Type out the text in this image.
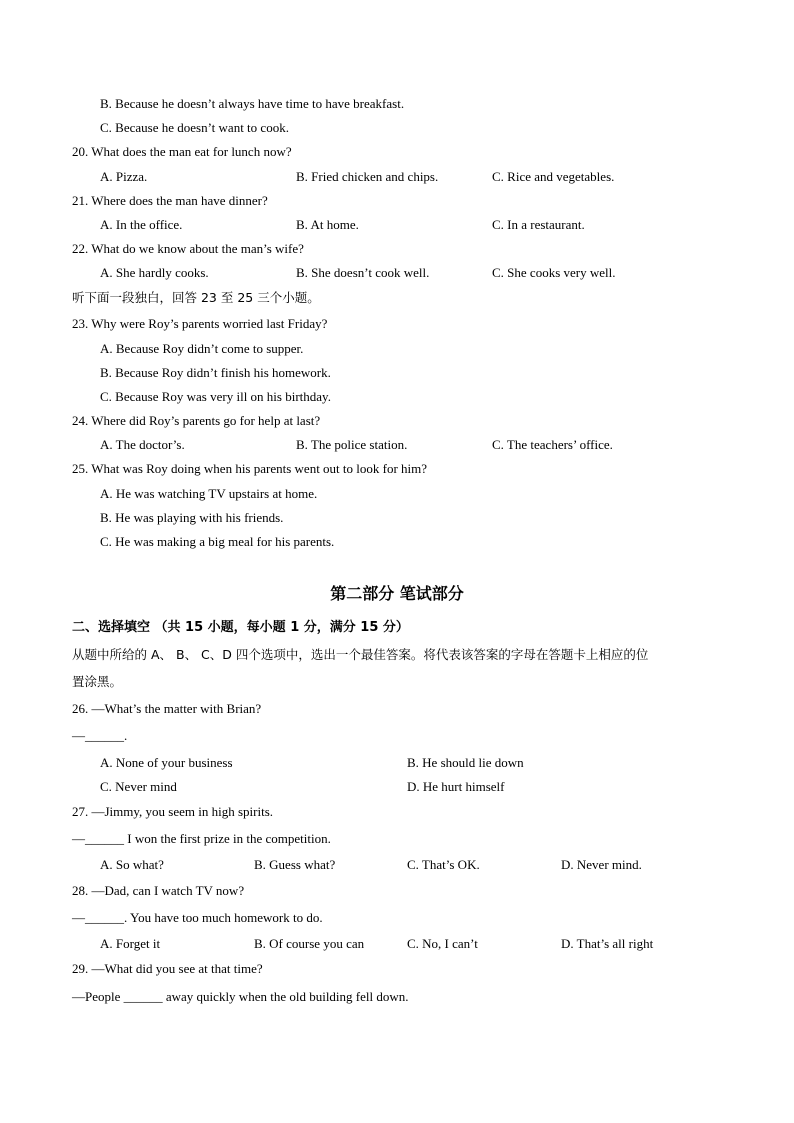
B. Because he doesn’t always have time to have breakfast.
C. Because he doesn’t want to cook.
20. What does the man eat for lunch now?
A. Pizza.	B. Fried chicken and chips.	C. Rice and vegetables.
21. Where does the man have dinner?
A. In the office.	B. At home.	C. In a restaurant.
22. What do we know about the man’s wife?
A. She hardly cooks.	B. She doesn’t cook well.	C. She cooks very well.
听下面一段独白，回答 23 至 25 三个小题。
23. Why were Roy’s parents worried last Friday?
A. Because Roy didn’t come to supper.
B. Because Roy didn’t finish his homework.
C. Because Roy was very ill on his birthday.
24. Where did Roy’s parents go for help at last?
A. The doctor’s.	B. The police station.	C. The teachers’ office.
25. What was Roy doing when his parents went out to look for him?
A. He was watching TV upstairs at home.
B. He was playing with his friends.
C. He was making a big meal for his parents.
第二部分 笔试部分
二、选择填空 （共 15 小题，每小题 1 分，满分 15 分）
从题中所给的 A、 B、 C、D 四个选项中，选出一个最佳答案。将代表该答案的字母在答题卡上相应的位
置涂黑。
26. —What’s the matter with Brian?
—______.
A. None of your business	B. He should lie down
C. Never mind	D. He hurt himself
27. —Jimmy, you seem in high spirits.
—______ I won the first prize in the competition.
A. So what?	B. Guess what?	C. That’s OK.	D. Never mind.
28. —Dad, can I watch TV now?
—______. You have too much homework to do.
A. Forget it	B. Of course you can	C. No, I can’t	D. That’s all right
29. —What did you see at that time?
—People ______ away quickly when the old building fell down.
